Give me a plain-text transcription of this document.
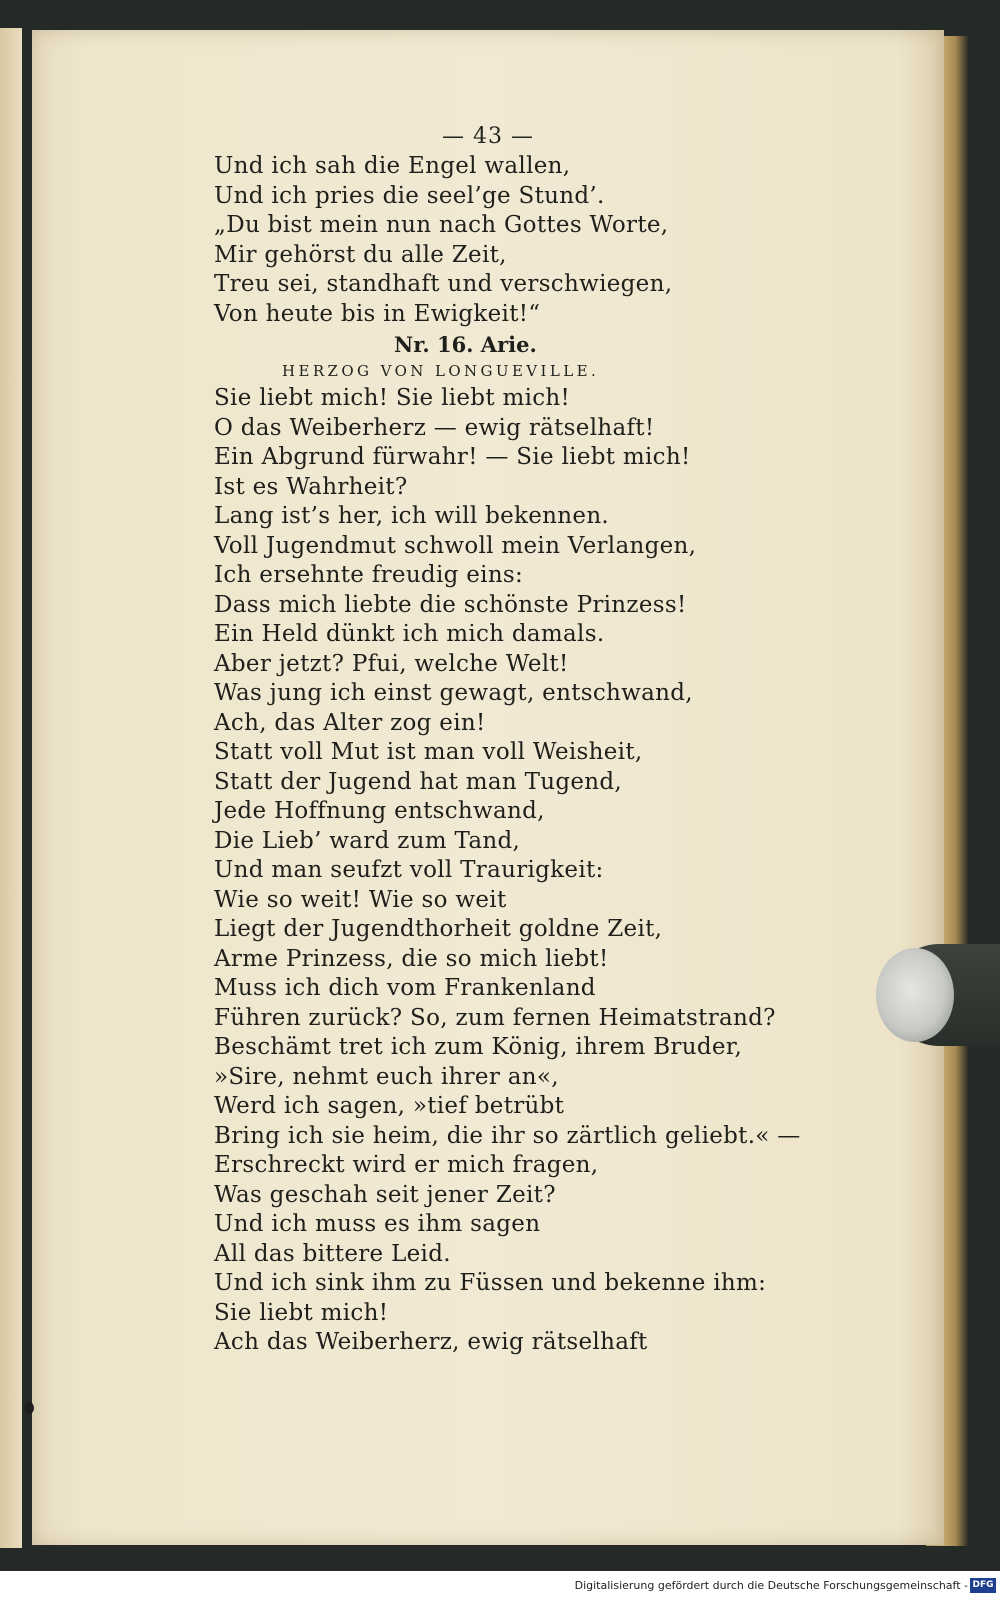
— 43 —
Und ich sah die Engel wallen,
Und ich pries die seel’ge Stund’.
„Du bist mein nun nach Gottes Worte,
Mir gehörst du alle Zeit,
Treu sei, standhaft und verschwiegen,
Von heute bis in Ewigkeit!“
Nr. 16. Arie.
HERZOG VON LONGUEVILLE.
Sie liebt mich! Sie liebt mich!
O das Weiberherz — ewig rätselhaft!
Ein Abgrund fürwahr! — Sie liebt mich!
Ist es Wahrheit?
Lang ist’s her, ich will bekennen.
Voll Jugendmut schwoll mein Verlangen,
Ich ersehnte freudig eins:
Dass mich liebte die schönste Prinzess!
Ein Held dünkt ich mich damals.
Aber jetzt? Pfui, welche Welt!
Was jung ich einst gewagt, entschwand,
Ach, das Alter zog ein!
Statt voll Mut ist man voll Weisheit,
Statt der Jugend hat man Tugend,
Jede Hoffnung entschwand,
Die Lieb’ ward zum Tand,
Und man seufzt voll Traurigkeit:
Wie so weit! Wie so weit
Liegt der Jugendthorheit goldne Zeit,
Arme Prinzess, die so mich liebt!
Muss ich dich vom Frankenland
Führen zurück? So, zum fernen Heimatstrand?
Beschämt tret ich zum König, ihrem Bruder,
»Sire, nehmt euch ihrer an«,
Werd ich sagen, »tief betrübt
Bring ich sie heim, die ihr so zärtlich geliebt.« —
Erschreckt wird er mich fragen,
Was geschah seit jener Zeit?
Und ich muss es ihm sagen
All das bittere Leid.
Und ich sink ihm zu Füssen und bekenne ihm:
Sie liebt mich!
Ach das Weiberherz, ewig rätselhaft
Digitalisierung gefördert durch die Deutsche Forschungsgemeinschaft - DFG
